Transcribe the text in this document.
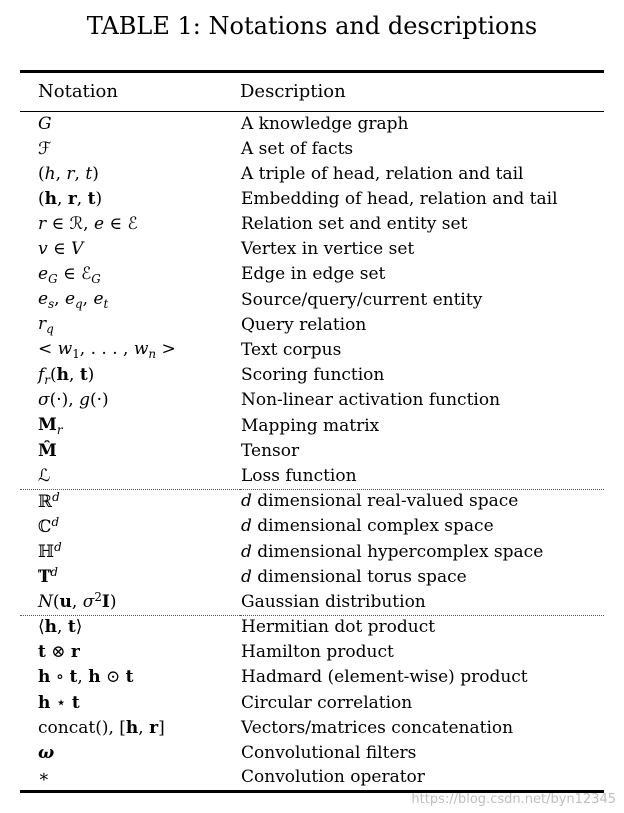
TABLE 1: Notations and descriptions
Notation	Description
G	A knowledge graph
ℱ	A set of facts
(h, r, t)	A triple of head, relation and tail
(h, r, t)	Embedding of head, relation and tail
r ∈ ℛ, e ∈ ℰ	Relation set and entity set
v ∈ V	Vertex in vertice set
$e_G$ ∈ ℰ$_G$	Edge in edge set
$e_s$, $e_q$, $e_t$	Source/query/current entity
$r_q$	Query relation
< $w_1$, . . . , $w_n$ >	Text corpus
$f_r(h$, t)	Scoring function
σ(·), g(·)	Non-linear activation function
$M_r$	Mapping matrix
M̂	Tensor
ℒ	Loss function
ℝ$^d$	d dimensional real-valued space
ℂ$^d$	d dimensional complex space
ℍ$^d$	d dimensional hypercomplex space
T $T^d$	d dimensional torus space
N(u, $\sigma^2I$)	Gaussian distribution
⟨h, t⟩	Hermitian dot product
t ⊗ r	Hamilton product
h ∘ t, h ⊙ t	Hadmard (element-wise) product
h ⋆ t	Circular correlation
concat(), [h, r]	Vectors/matrices concatenation
ω	Convolutional filters
∗	Convolution operator
https://blog.csdn.net/byn12345
